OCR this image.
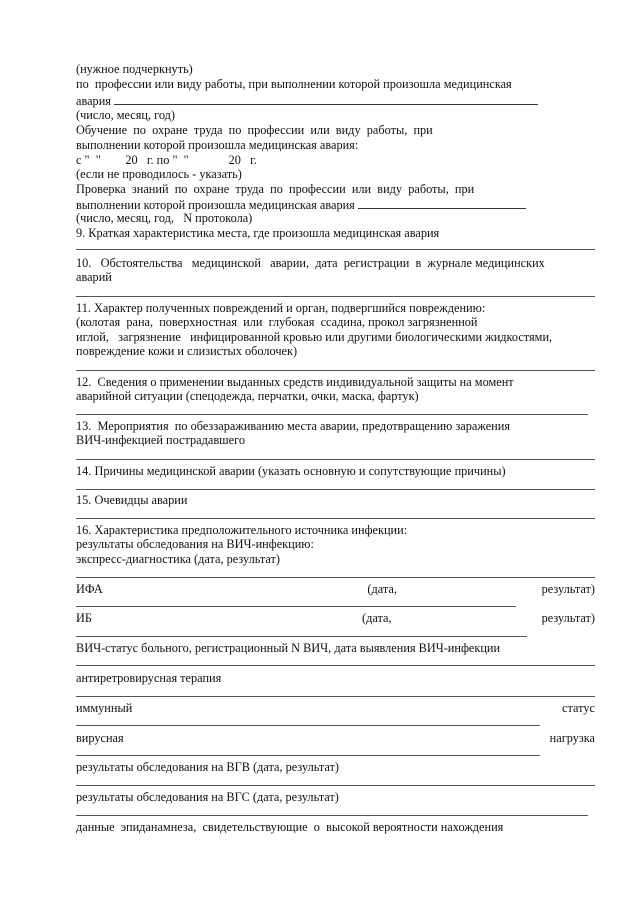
(нужное подчеркнуть)

по  профессии или виду работы, при выполнении которой произошла медицинская

авария

(число, месяц, год)

Обучение  по  охране  труда  по  профессии  или  виду  работы,  при

выполнении которой произошла медицинская авария:

с "  "        20   г. по "  "             20   г.

(если не проводилось - указать)

Проверка  знаний  по  охране  труда  по  профессии  или  виду  работы,  при

выполнении которой произошла медицинская авария

(число, месяц, год,   N протокола)

9. Краткая характеристика места, где произошла медицинская авария

10.   Обстоятельства   медицинской   аварии,  дата  регистрации  в  журнале медицинских

аварий

11. Характер полученных повреждений и орган, подвергшийся повреждению:

(колотая  рана,  поверхностная  или  глубокая  ссадина, прокол загрязненной

иглой,   загрязнение   инфицированной кровью или другими биологическими жидкостями,

повреждение кожи и слизистых оболочек)

12.  Сведения о применении выданных средств индивидуальной защиты на момент

аварийной ситуации (спецодежда, перчатки, очки, маска, фартук)

13.  Мероприятия  по обеззараживанию места аварии, предотвращению заражения

ВИЧ-инфекцией пострадавшего

14. Причины медицинской аварии (указать основную и сопутствующие причины)

15. Очевидцы аварии

16. Характеристика предположительного источника инфекции:

результаты обследования на ВИЧ-инфекцию:

экспресс-диагностика (дата, результат)

ИФА	(дата,	результат)
ИБ	(дата,	результат)

ВИЧ-статус больного, регистрационный N ВИЧ, дата выявления ВИЧ-инфекции

антиретровирусная терапия

иммунный	статус
вирусная	нагрузка

результаты обследования на ВГВ (дата, результат)

результаты обследования на ВГС (дата, результат)

данные  эпиданамнеза,  свидетельствующие  о  высокой вероятности нахождения
